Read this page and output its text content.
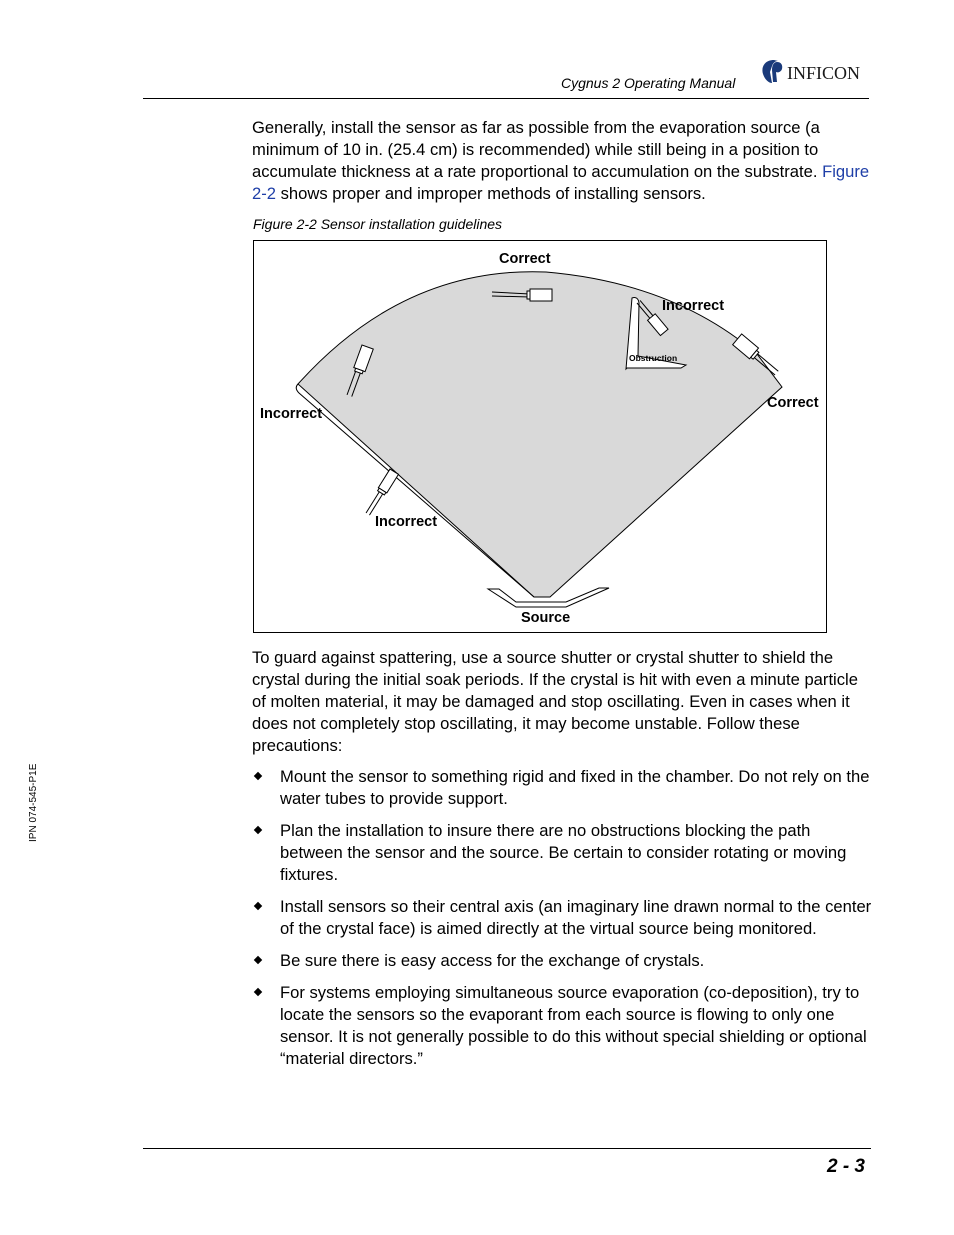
Cygnus 2 Operating Manual	INFICON

Generally, install the sensor as far as possible from the evaporation source (a minimum of 10 in. (25.4 cm) is recommended) while still being in a position to accumulate thickness at a rate proportional to accumulation on the substrate. Figure 2-2 shows proper and improper methods of installing sensors.

Figure 2-2 Sensor installation guidelines
Correct
Incorrect
Obstruction
Correct
Incorrect
Incorrect
Source

To guard against spattering, use a source shutter or crystal shutter to shield the crystal during the initial soak periods. If the crystal is hit with even a minute particle of molten material, it may be damaged and stop oscillating. Even in cases when it does not completely stop oscillating, it may become unstable. Follow these precautions:

Mount the sensor to something rigid and fixed in the chamber. Do not rely on the water tubes to provide support.
Plan the installation to insure there are no obstructions blocking the path between the sensor and the source. Be certain to consider rotating or moving fixtures.
Install sensors so their central axis (an imaginary line drawn normal to the center of the crystal face) is aimed directly at the virtual source being monitored.
Be sure there is easy access for the exchange of crystals.
For systems employing simultaneous source evaporation (co-deposition), try to locate the sensors so the evaporant from each source is flowing to only one sensor. It is not generally possible to do this without special shielding or optional “material directors.”
IPN 074-545-P1E
2 - 3
